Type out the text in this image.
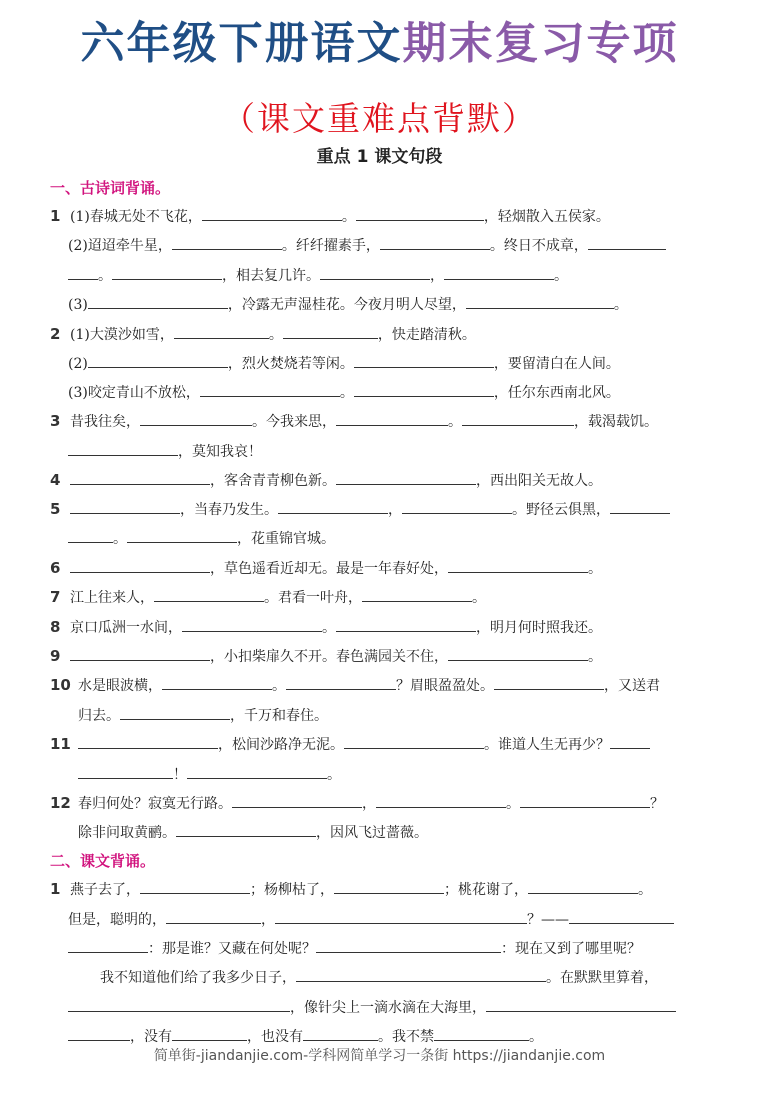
六年级下册语文期末复习专项
（课文重难点背默）
重点 1 课文句段
一、古诗词背诵。
1 (1)春城无处不飞花，	。	，轻烟散入五侯家。
(2)迢迢牵牛星，	。纤纤擢素手，	。终日不成章，
。	，相去复几许。	，	。
(3)	，冷露无声湿桂花。今夜月明人尽望，	。
2 (1)大漠沙如雪，	。	，快走踏清秋。
(2)	，烈火焚烧若等闲。	，要留清白在人间。
(3)咬定青山不放松，	。	，任尔东西南北风。
3 昔我往矣，	。今我来思，	。	，载渴载饥。
，莫知我哀！
4	，客舍青青柳色新。	，西出阳关无故人。
5	，当春乃发生。	，	。野径云俱黑，
。	，花重锦官城。
6	，草色遥看近却无。最是一年春好处，	。
7 江上往来人，	。君看一叶舟，	。
8 京口瓜洲一水间，	。	，明月何时照我还。
9	，小扣柴扉久不开。春色满园关不住，	。
10 水是眼波横，	。	？眉眼盈盈处。	，又送君
归去。	，千万和春住。
11	，松间沙路净无泥。	。谁道人生无再少？
！	。
12 春归何处？寂寞无行路。	，	。	？
除非问取黄鹂。	，因风飞过蔷薇。
二、课文背诵。
1 燕子去了，	；杨柳枯了，	；桃花谢了，	。
但是，聪明的，	，	？——
：那是谁？又藏在何处呢？	：现在又到了哪里呢？
我不知道他们给了我多少日子，	。在默默里算着，
，像针尖上一滴水滴在大海里，
，没有	，也没有	。我不禁	。
简单街-jiandanjie.com-学科网简单学习一条街 https://jiandanjie.com
